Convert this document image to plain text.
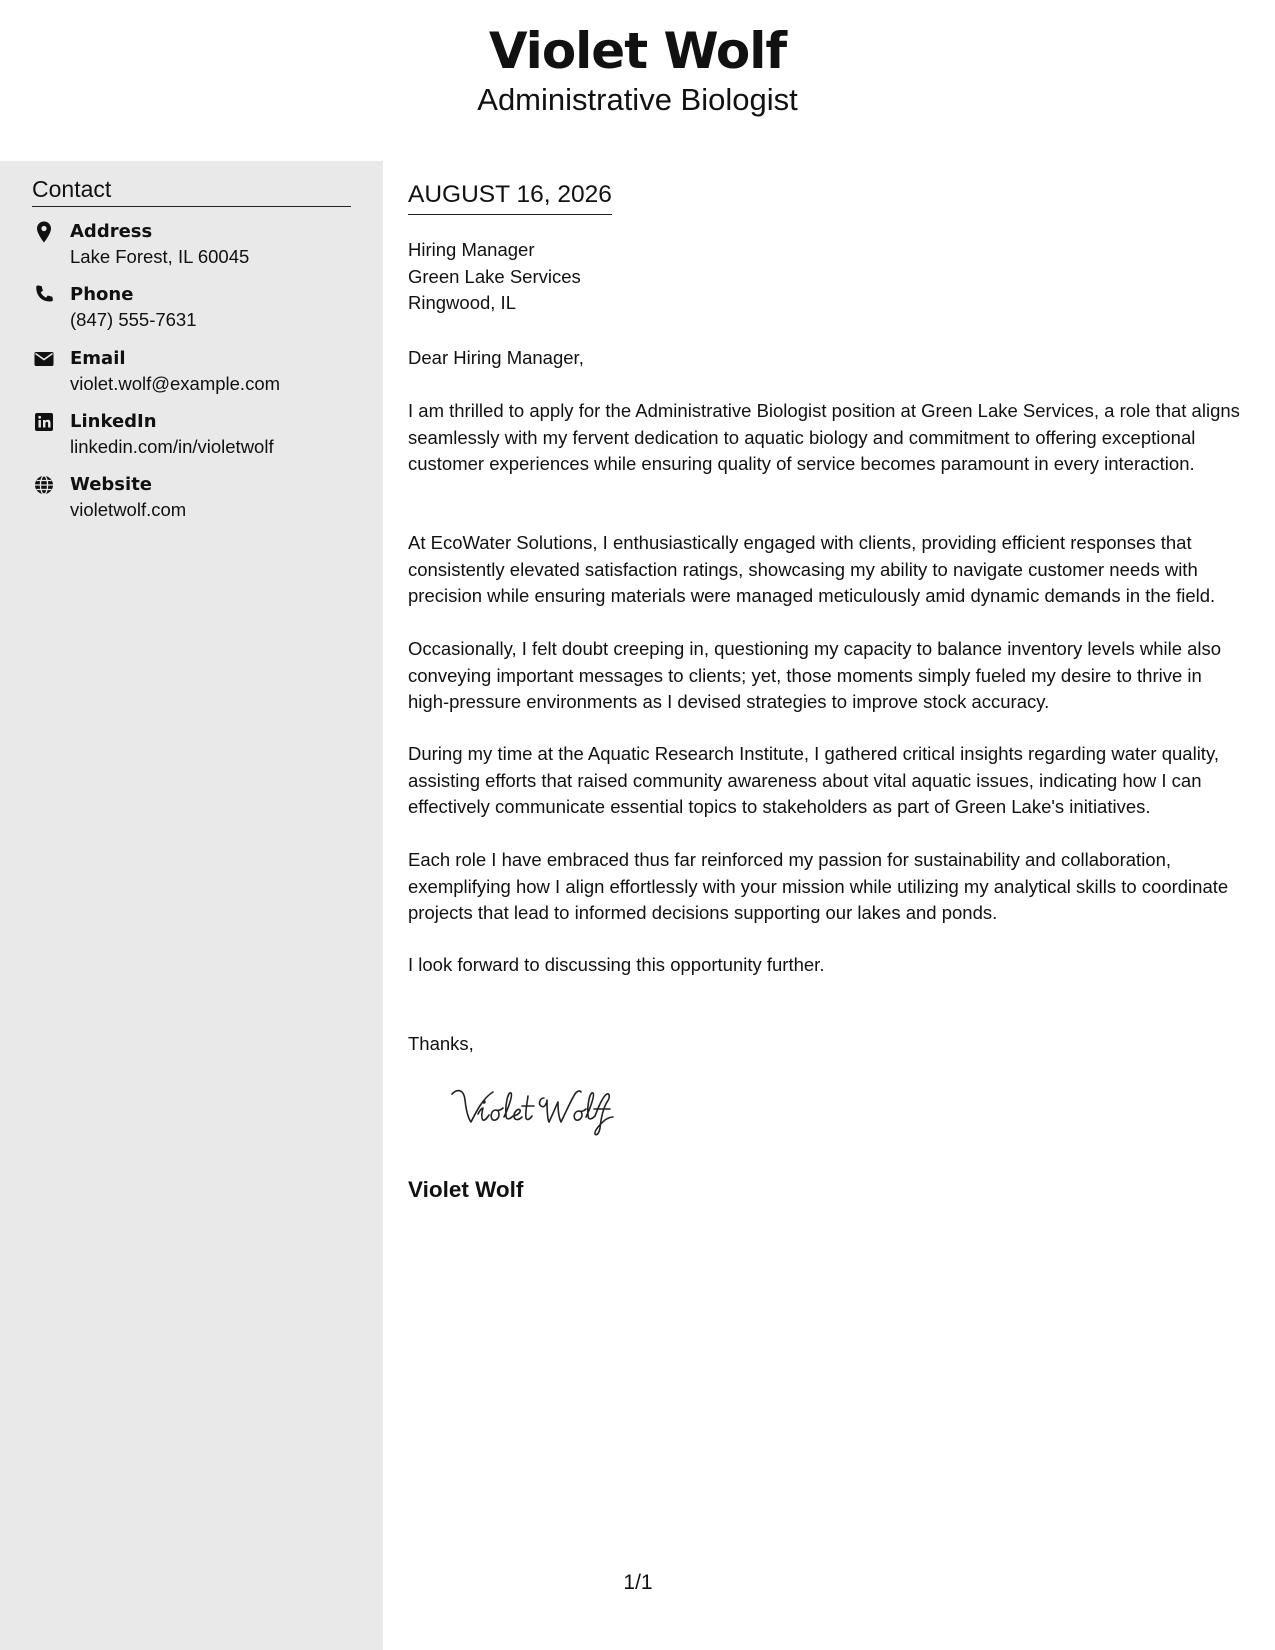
Violet Wolf
Administrative Biologist
Contact
Address
Lake Forest, IL 60045
Phone
(847) 555-7631
Email
violet.wolf@example.com
LinkedIn
linkedin.com/in/violetwolf
Website
violetwolf.com
AUGUST 16, 2026
Hiring Manager
Green Lake Services
Ringwood, IL
Dear Hiring Manager,
I am thrilled to apply for the Administrative Biologist position at Green Lake Services, a role that aligns seamlessly with my fervent dedication to aquatic biology and commitment to offering exceptional customer experiences while ensuring quality of service becomes paramount in every interaction.
At EcoWater Solutions, I enthusiastically engaged with clients, providing efficient responses that consistently elevated satisfaction ratings, showcasing my ability to navigate customer needs with precision while ensuring materials were managed meticulously amid dynamic demands in the field.
Occasionally, I felt doubt creeping in, questioning my capacity to balance inventory levels while also conveying important messages to clients; yet, those moments simply fueled my desire to thrive in high-pressure environments as I devised strategies to improve stock accuracy.
During my time at the Aquatic Research Institute, I gathered critical insights regarding water quality, assisting efforts that raised community awareness about vital aquatic issues, indicating how I can effectively communicate essential topics to stakeholders as part of Green Lake's initiatives.
Each role I have embraced thus far reinforced my passion for sustainability and collaboration, exemplifying how I align effortlessly with your mission while utilizing my analytical skills to coordinate projects that lead to informed decisions supporting our lakes and ponds.
I look forward to discussing this opportunity further.
Thanks,
Violet Wolf
1/1
